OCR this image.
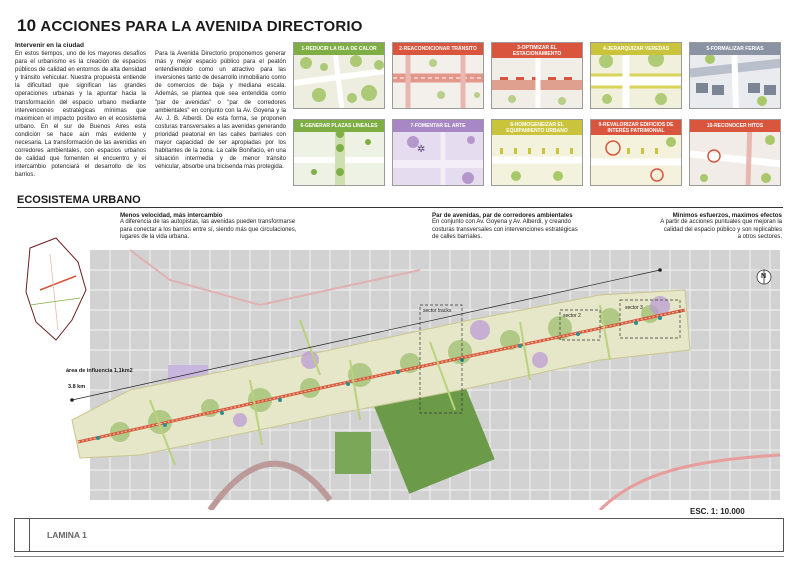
10 ACCIONES PARA LA AVENIDA DIRECTORIO
Intervenir en la ciudad
En estos tiempos, uno de los mayores desafíos para el urbanismo es la creación de espacios públicos de calidad en entornos de alta densidad y tránsito vehicular. Nuestra propuesta entiende la dificultad que significan las grandes operaciones urbanas y la apuntar hacia la transformación del espacio urbano mediante intervenciones estratégicas mínimas que maximicen el impacto positivo en el ecosistema urbano. En el sur de Buenos Aires esta condición se hace aún más evidente y necesaria. La transformación de las avenidas en corredores ambientales, con espacios urbanos de calidad que fomenten el encuentro y el intercambio potenciará el desarrollo de los barrios.
Para la Avenida Directorio proponemos generar más y mejor espacio público para el peatón entendiendolo como un atractivo para las inversiones tanto de desarrollo inmobiliario como de comercios de baja y mediana escala. Además, se plantea que sea entendida como "par de avenidas" o "par de corredores ambientales" en conjunto con la Av. Goyena y la Av. J. B. Alberdi. De esta forma, se proponen costuras transversales a las avenidas generando prioridad peatonal en las calles barriales con mayor capacidad de ser apropiadas por los habitantes de la zona. La calle Bonifacio, en una situación intermedia y de menor tránsito vehicular, absorbe una bicisenda más protegida.
1-REDUCIR LA ISLA DE CALOR	2-REACONDICIONAR TRÁNSITO	3-OPTIMIZAR EL ESTACIONAMIENTO
4-JERARQUIZAR VEREDAS	5-FORMALIZAR FERIAS
6-GENERAR PLAZAS LINEALES
✲
7-FOMENTAR EL ARTE	8-HOMOGENEIZAR EL EQUIPAMIENTO URBANO
9-REVALORIZAR EDIFICIOS DE INTERÉS PATRIMONIAL
10-RECONOCER HITOS
ECOSISTEMA URBANO
Menos velocidad, más intercambio
A diferencia de las autopistas, las avenidas pueden transformarse para conectar a los barrios entre sí, siendo más que circulaciones, lugares de la vida urbana.
Par de avenidas, par de corredores ambientales
En conjunto con Av. Goyena y Av. Alberdi, y creando costuras transversales con intervenciones estratégicas de calles barriales.
Mínimos esfuerzos, maximos efectos
A partir de acciones puntuales que mejoran la calidad del espacio público y son replicables a otros sectores.
área de influencia 1,1km2
3.8 km
sector tracks
sector 2
sector 3
N
ESC. 1: 10.000
LAMINA 1
